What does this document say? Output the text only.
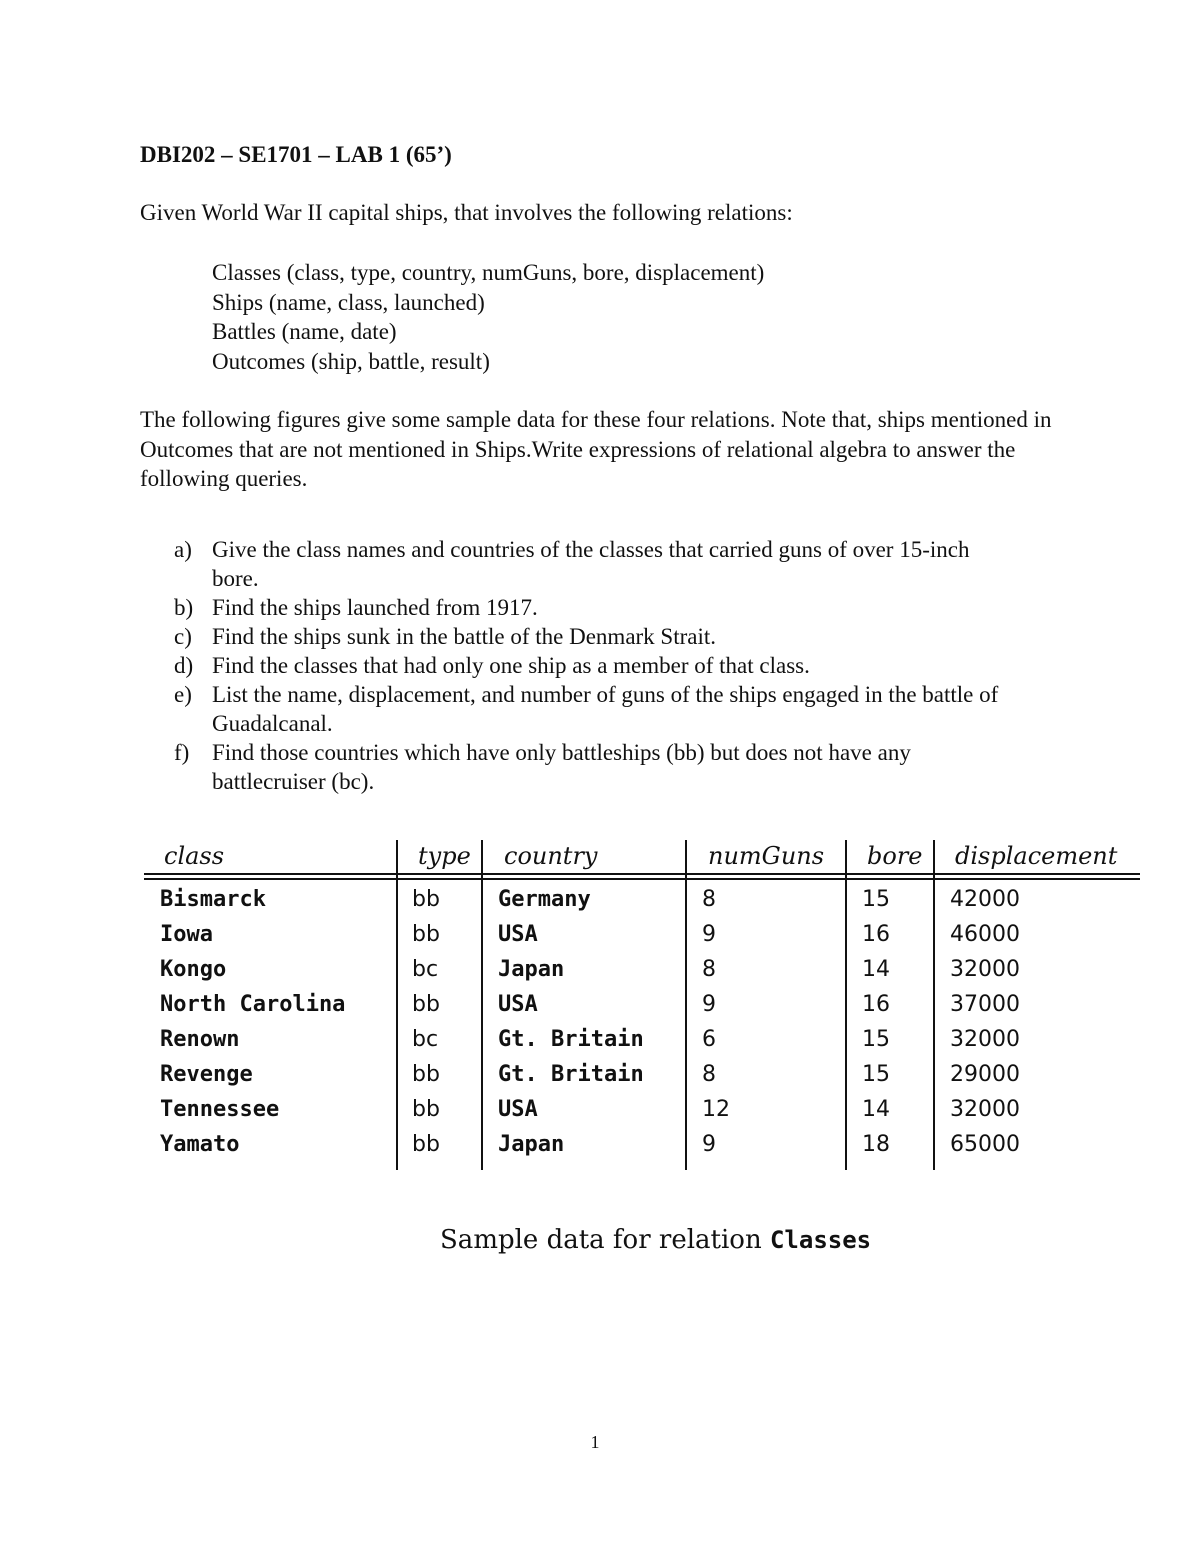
DBI202 – SE1701 – LAB 1 (65’)
Given World War II capital ships, that involves the following relations:
Classes (class, type, country, numGuns, bore, displacement)
Ships (name, class, launched)
Battles (name, date)
Outcomes (ship, battle, result)
The following figures give some sample data for these four relations. Note that, ships mentioned in Outcomes that are not mentioned in Ships.Write expressions of relational algebra to answer the following queries.
a) Give the class names and countries of the classes that carried guns of over 15-inch bore.
b) Find the ships launched from 1917.
c) Find the ships sunk in the battle of the Denmark Strait.
d) Find the classes that had only one ship as a member of that class.
e) List the name, displacement, and number of guns of the ships engaged in the battle of Guadalcanal.
f) Find those countries which have only battleships (bb) but does not have any battlecruiser (bc).
class	type country	numGuns bore displacement
Bismarck
Iowa
Kongo
North Carolina
Renown
Revenge
Tennessee
Yamato
bb
bb
bc
bb
bc
bb
bb
bb
Germany
USA
Japan
USA
Gt. Britain
Gt. Britain
USA
Japan
8
9
8
9
6
8
12
9
15
16
14
16
15
15
14
18
42000
46000
32000
37000
32000
29000
32000
65000
Sample data for relation Classes
1
